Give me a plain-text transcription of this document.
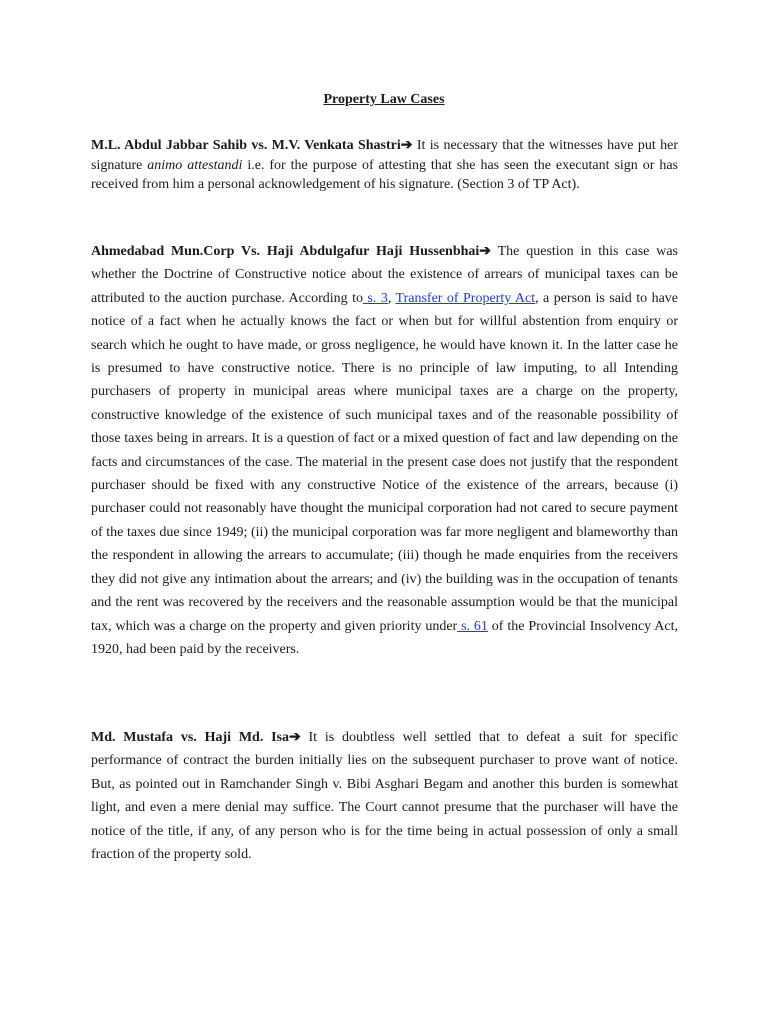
Property Law Cases

M.L. Abdul Jabbar Sahib vs. M.V. Venkata Shastri➔ It is necessary that the witnesses have put her signature animo attestandi i.e. for the purpose of attesting that she has seen the executant sign or has received from him a personal acknowledgement of his signature. (Section 3 of TP Act).

Ahmedabad Mun.Corp Vs. Haji Abdulgafur Haji Hussenbhai➔ The question in this case was whether the Doctrine of Constructive notice about the existence of arrears of municipal taxes can be attributed to the auction purchase. According to s. 3, Transfer of Property Act, a person is said to have notice of a fact when he actually knows the fact or when but for willful abstention from enquiry or search which he ought to have made, or gross negligence, he would have known it. In the latter case he is presumed to have constructive notice. There is no principle of law imputing, to all Intending purchasers of property in municipal areas where municipal taxes are a charge on the property, constructive knowledge of the existence of such municipal taxes and of the reasonable possibility of those taxes being in arrears. It is a question of fact or a mixed question of fact and law depending on the facts and circumstances of the case. The material in the present case does not justify that the respondent purchaser should be fixed with any constructive Notice of the existence of the arrears, because (i) purchaser could not reasonably have thought the municipal corporation had not cared to secure payment of the taxes due since 1949; (ii) the municipal corporation was far more negligent and blameworthy than the respondent in allowing the arrears to accumulate; (iii) though he made enquiries from the receivers they did not give any intimation about the arrears; and (iv) the building was in the occupation of tenants and the rent was recovered by the receivers and the reasonable assumption would be that the municipal tax, which was a charge on the property and given priority under s. 61 of the Provincial Insolvency Act, 1920, had been paid by the receivers.

Md. Mustafa vs. Haji Md. Isa➔ It is doubtless well settled that to defeat a suit for specific performance of contract the burden initially lies on the subsequent purchaser to prove want of notice. But, as pointed out in Ramchander Singh v. Bibi Asghari Begam and another this burden is somewhat light, and even a mere denial may suffice. The Court cannot presume that the purchaser will have the notice of the title, if any, of any person who is for the time being in actual possession of only a small fraction of the property sold.
